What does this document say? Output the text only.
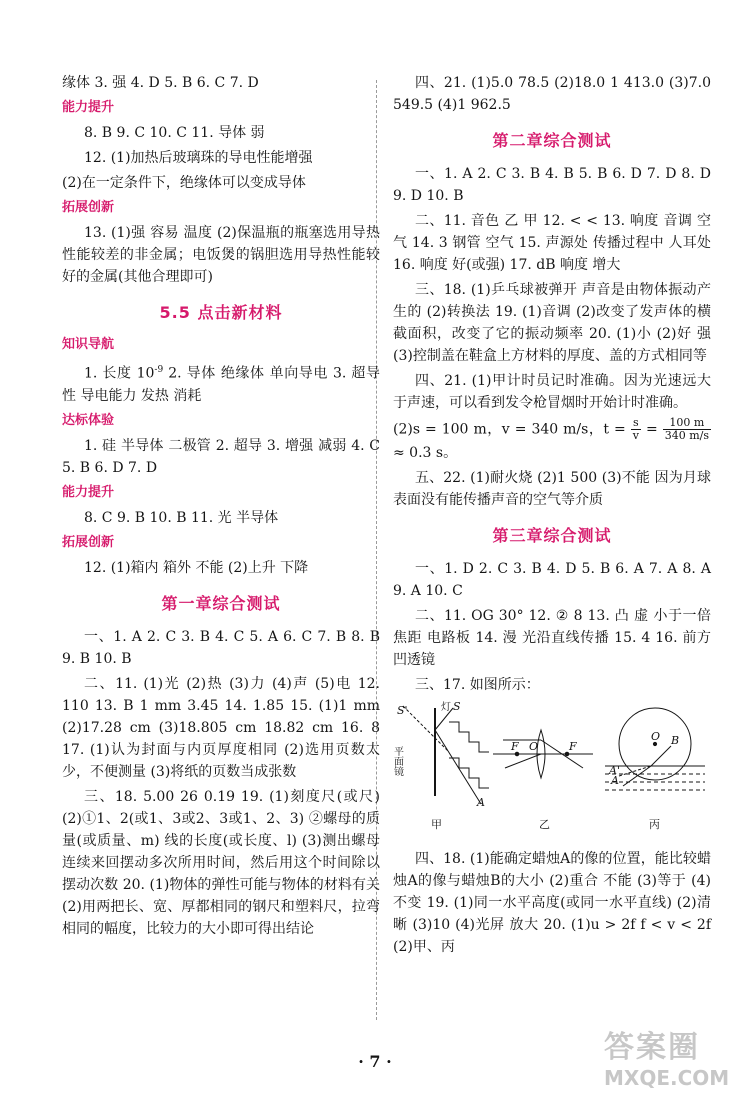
缘体 3. 强 4. D 5. B 6. C 7. D

能力提升

8. B 9. C 10. C 11. 导体 弱

12. (1)加热后玻璃珠的导电性能增强

(2)在一定条件下，绝缘体可以变成导体

拓展创新

13. (1)强 容易 温度 (2)保温瓶的瓶塞选用导热性能较差的非金属；电饭煲的锅胆选用导热性能较好的金属(其他合理即可)

5.5 点击新材料
知识导航

1. 长度 $10^{-9}$ 2. 导体 绝缘体 单向导电 3. 超导性 导电能力 发热 消耗

达标体验

1. 硅 半导体 二极管 2. 超导 3. 增强 减弱 4. C 5. B 6. D 7. D

能力提升

8. C 9. B 10. B 11. 光 半导体

拓展创新

12. (1)箱内 箱外 不能 (2)上升 下降

第一章综合测试

一、1. A 2. C 3. B 4. C 5. A 6. C 7. B 8. B 9. B 10. B

二、11. (1)光 (2)热 (3)力 (4)声 (5)电 12. 110 13. B 1 mm 3.45 14. 1.85 15. (1)1 mm (2)17.28 cm (3)18.805 cm 18.82 cm 16. 8 17. (1)认为封面与内页厚度相同 (2)选用页数太少，不便测量 (3)将纸的页数当成张数

三、18. 5.00 26 0.19 19. (1)刻度尺(或尺) (2)①1、2(或1、3或2、3或1、2、3) ②螺母的质量(或质量、m) 线的长度(或长度、l) (3)测出螺母连续来回摆动多次所用时间，然后用这个时间除以摆动次数 20. (1)物体的弹性可能与物体的材料有关 (2)用两把长、宽、厚都相同的钢尺和塑料尺，拉弯相同的幅度，比较力的大小即可得出结论

四、21. (1)5.0 78.5 (2)18.0 1 413.0 (3)7.0 549.5 (4)1 962.5

第二章综合测试

一、1. A 2. C 3. B 4. B 5. B 6. D 7. D 8. D 9. D 10. B

二、11. 音色 乙 甲 12. < < 13. 响度 音调 空气 14. 3 钢管 空气 15. 声源处 传播过程中 人耳处 16. 响度 好(或强) 17. dB 响度 增大

三、18. (1)乒乓球被弹开 声音是由物体振动产生的 (2)转换法 19. (1)音调 (2)改变了发声体的横截面积，改变了它的振动频率 20. (1)小 (2)好 强 (3)控制盖在鞋盒上方材料的厚度、盖的方式相同等

四、21. (1)甲计时员记时准确。因为光速远大于声速，可以看到发令枪冒烟时开始计时准确。

(2)s = 100 m，v = 340 m/s，$t = \frac{s}{v} = \frac{100 m}{340 m/s}$
≈ 0.3 s。

五、22. (1)耐火烧 (2)1 500 (3)不能 因为月球表面没有能传播声音的空气等介质

第三章综合测试

一、1. D 2. C 3. B 4. D 5. B 6. A 7. A 8. A 9. A 10. C

二、11. OG 30° 12. ② 8 13. 凸 虚 小于一倍焦距 电路板 14. 漫 光沿直线传播 15. 4 16. 前方 凹透镜

三、17. 如图所示：

S'	灯 S
平面镜
A
甲
F O	F
乙
O B
A
A'
丙

四、18. (1)能确定蜡烛A的像的位置，能比较蜡烛A的像与蜡烛B的大小 (2)重合 不能 (3)等于 (4)不变 19. (1)同一水平高度(或同一水平直线) (2)清晰 (3)10 (4)光屏 放大 20. (1)u > 2f f < v < 2f (2)甲、丙

· 7 ·	答案圈
MXQE.COM
